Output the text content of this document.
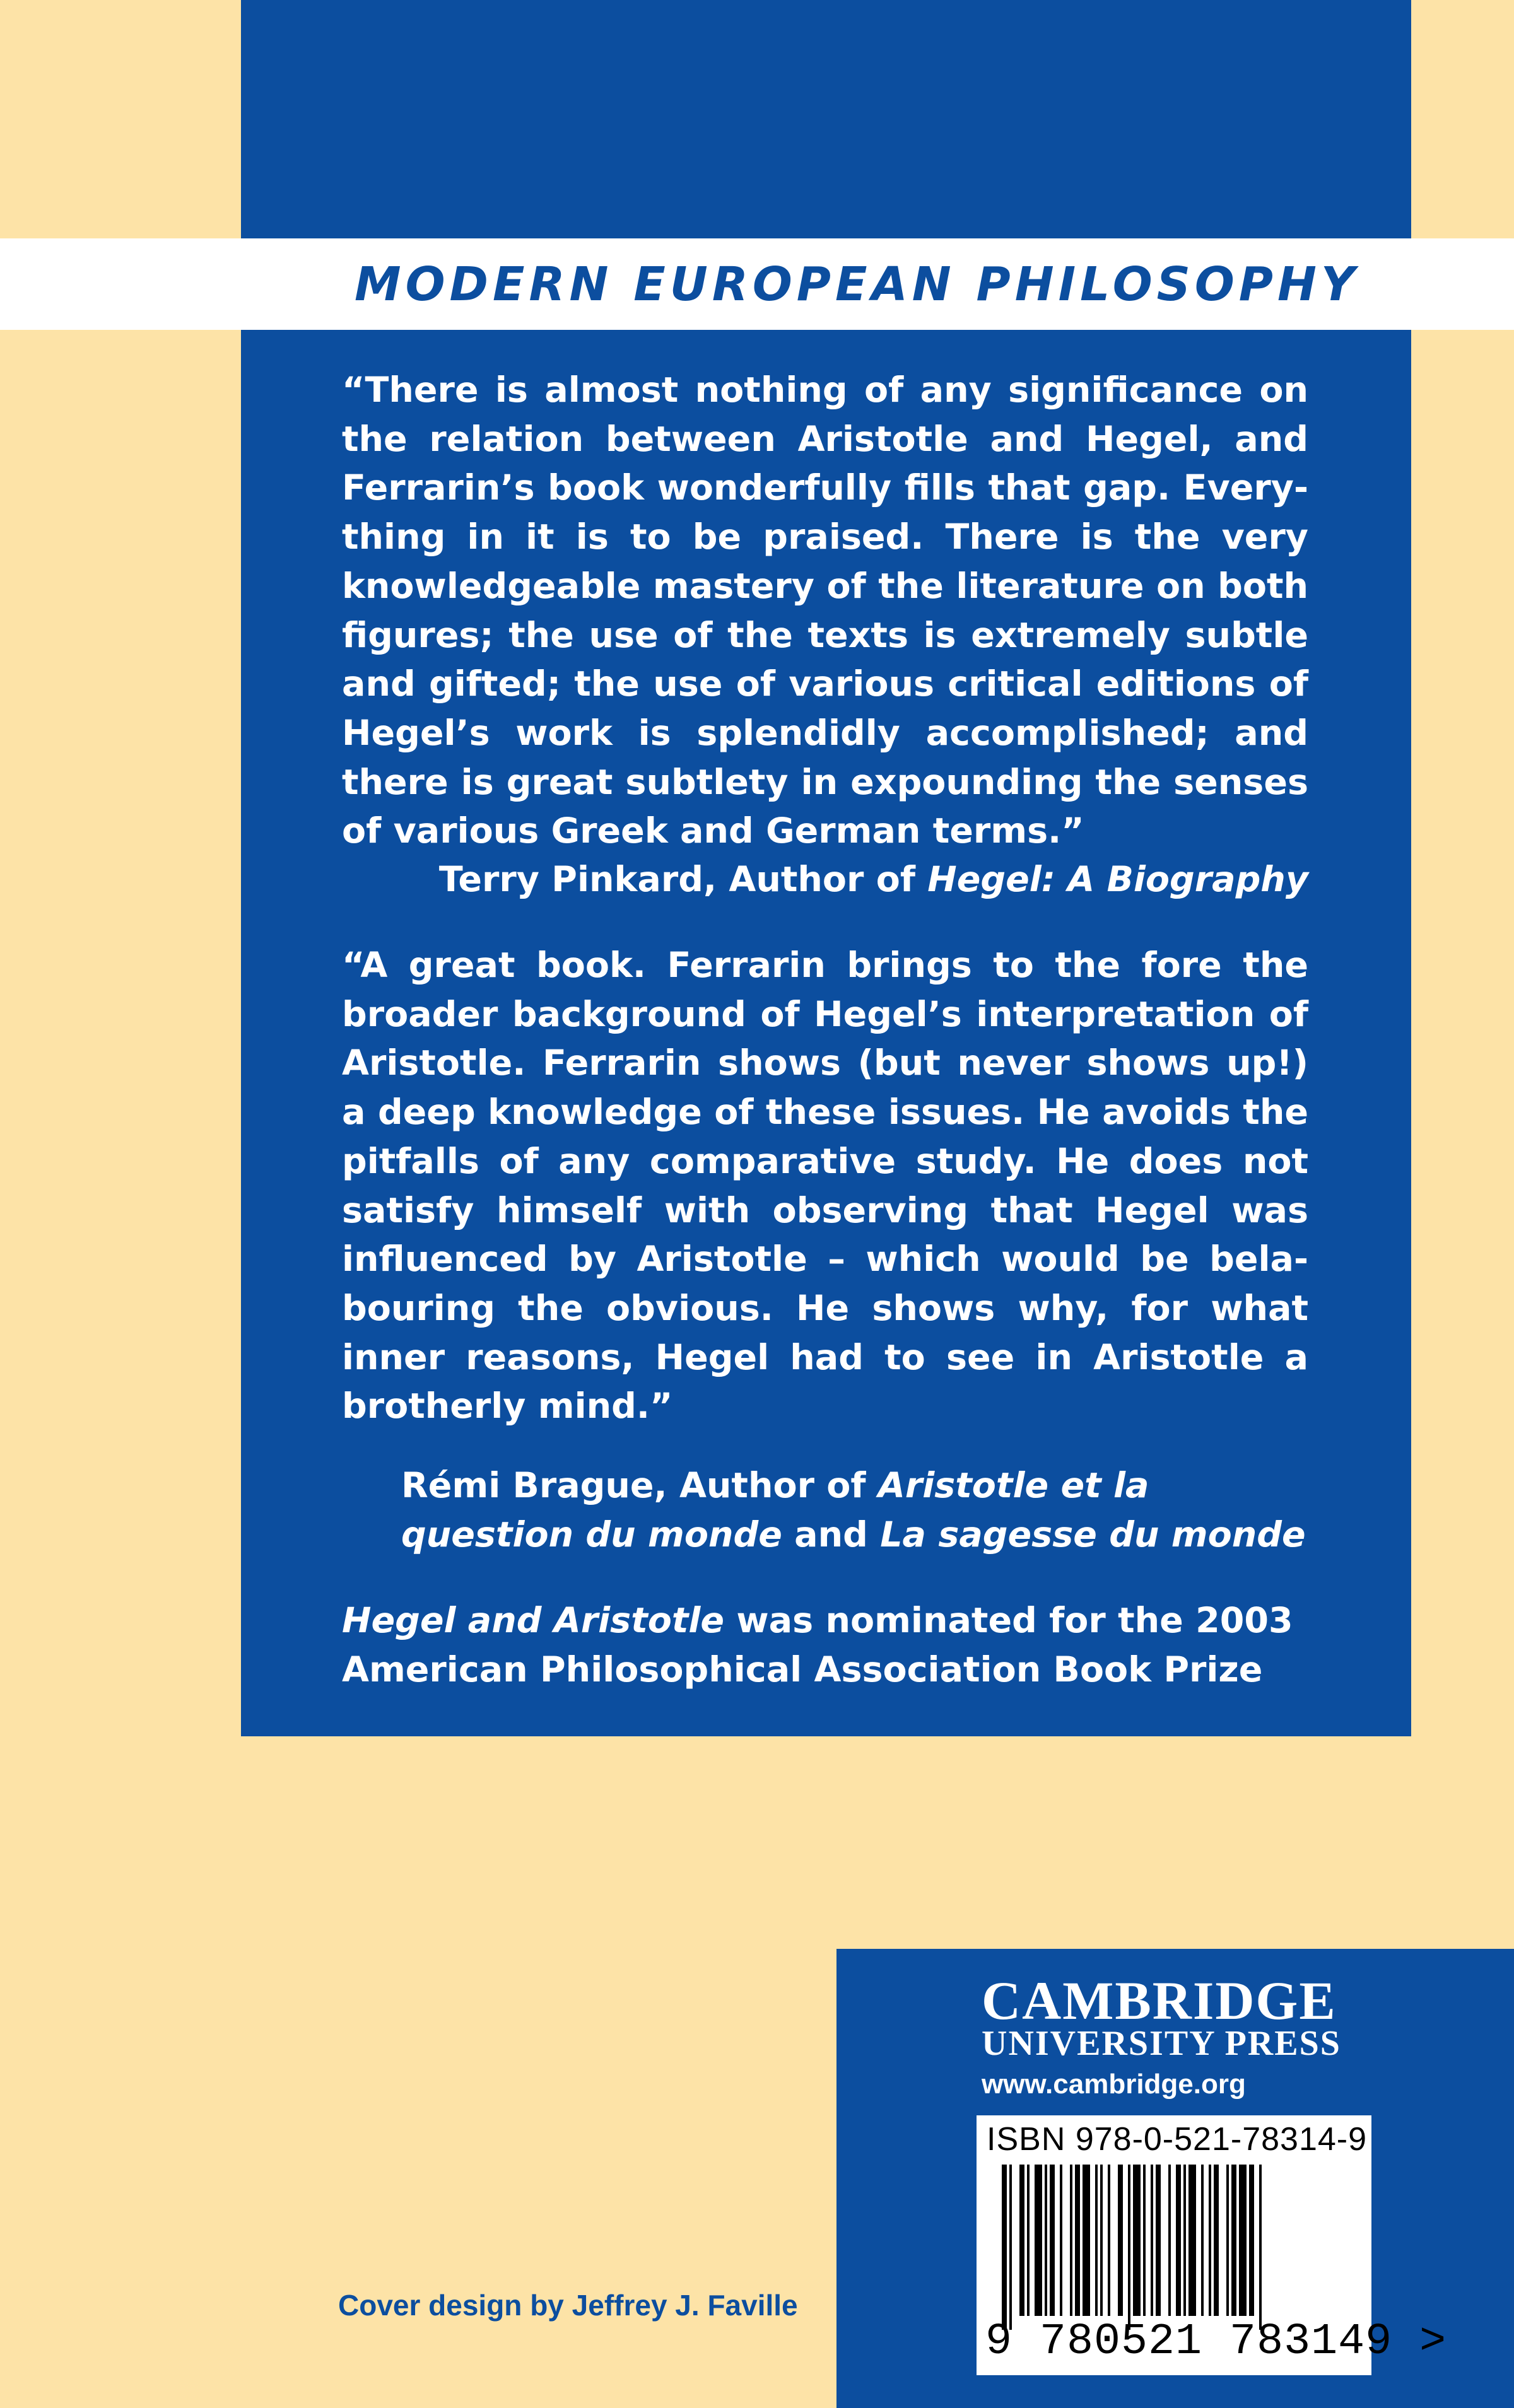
MODERN EUROPEAN PHILOSOPHY

“There is almost nothing of any significance on the relation between Aristotle and Hegel, and Ferrarin’s book wonderfully fills that gap. Every-thing in it is to be praised. There is the very knowledgeable mastery of the literature on both figures; the use of the texts is extremely subtle and gifted; the use of various critical editions of Hegel’s work is splendidly accomplished; and there is great subtlety in expounding the senses of various Greek and German terms.”

Terry Pinkard, Author of Hegel: A Biography

“A great book. Ferrarin brings to the fore the broader background of Hegel’s interpretation of Aristotle. Ferrarin shows (but never shows up!) a deep knowledge of these issues. He avoids the pitfalls of any comparative study. He does not satisfy himself with observing that Hegel was influenced by Aristotle – which would be bela-bouring the obvious. He shows why, for what inner reasons, Hegel had to see in Aristotle a brotherly mind.”

Rémi Brague, Author of Aristotle et la question du monde and La sagesse du monde

Hegel and Aristotle was nominated for the 2003 American Philosophical Association Book Prize

CAMBRIDGE
UNIVERSITY PRESS
www.cambridge.org
ISBN 978-0-521-78314-9
9 780521 783149 >
Cover design by Jeffrey J. Faville
